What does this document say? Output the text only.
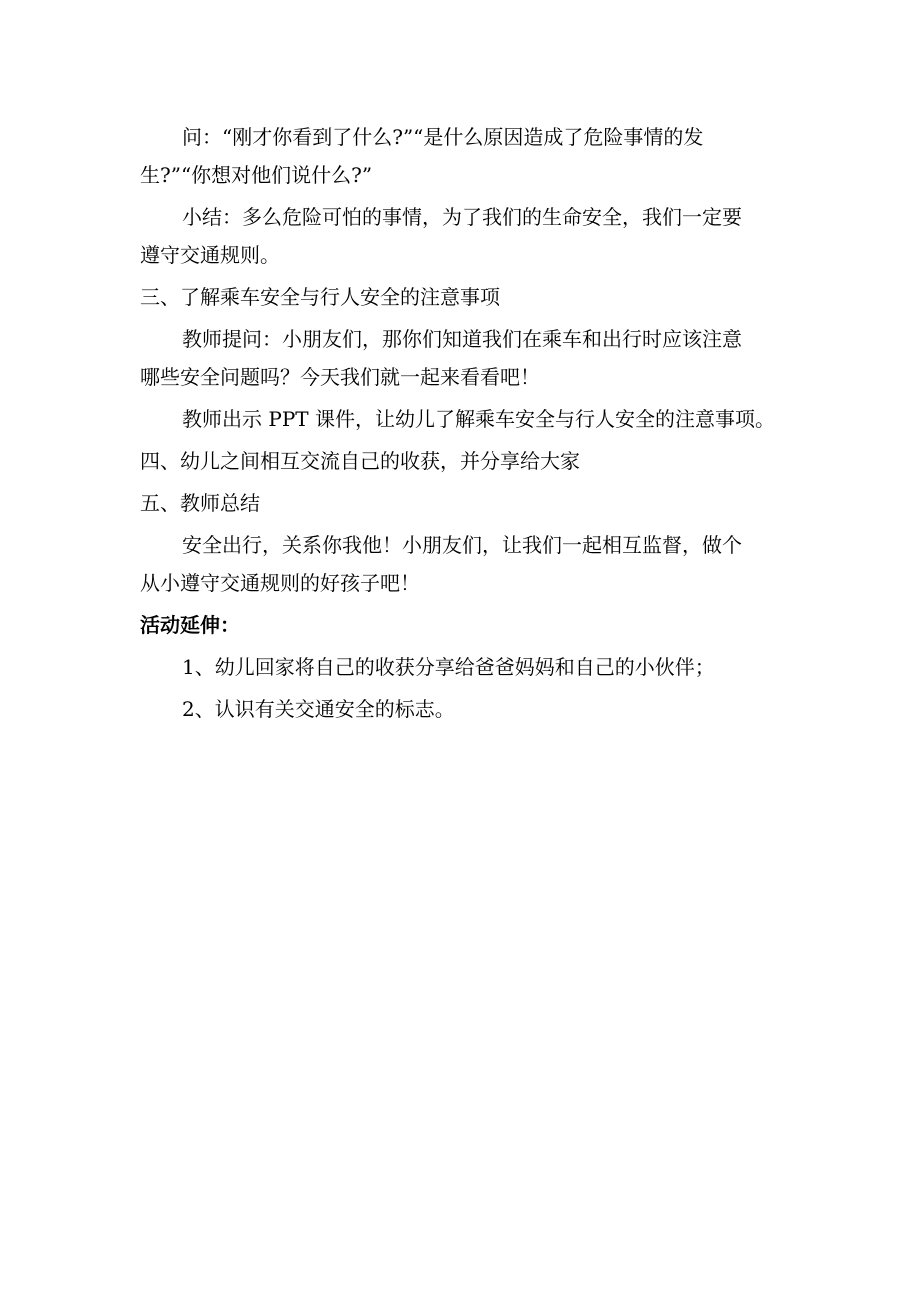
问：“刚才你看到了什么?”“是什么原因造成了危险事情的发
生?”“你想对他们说什么?”
小结：多么危险可怕的事情，为了我们的生命安全，我们一定要
遵守交通规则。
三、了解乘车安全与行人安全的注意事项
教师提问：小朋友们，那你们知道我们在乘车和出行时应该注意
哪些安全问题吗？今天我们就一起来看看吧！
教师出示 PPT 课件，让幼儿了解乘车安全与行人安全的注意事项。
四、幼儿之间相互交流自己的收获，并分享给大家
五、教师总结
安全出行，关系你我他！小朋友们，让我们一起相互监督，做个
从小遵守交通规则的好孩子吧！
活动延伸：
1、幼儿回家将自己的收获分享给爸爸妈妈和自己的小伙伴；
2、认识有关交通安全的标志。
